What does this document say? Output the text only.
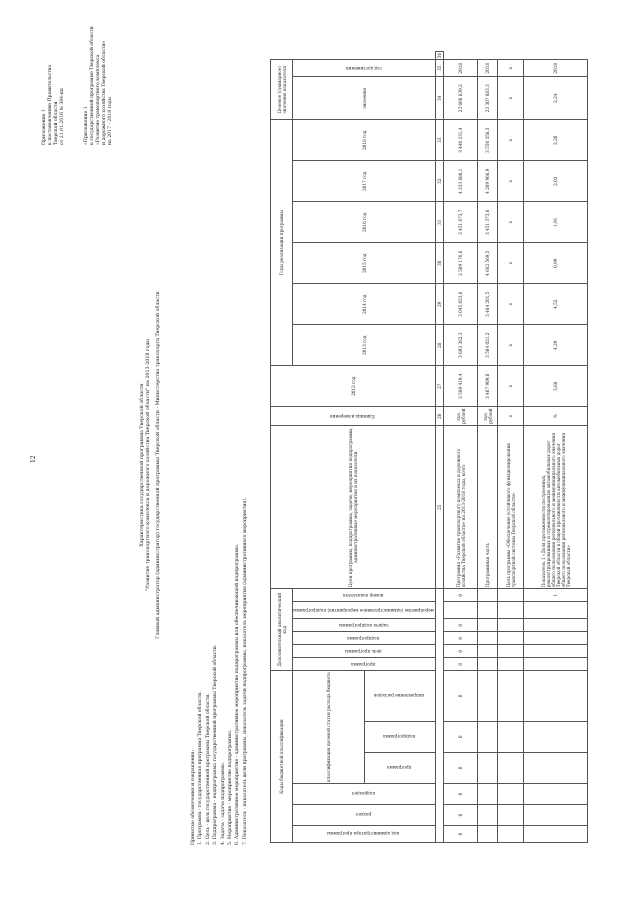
12
Приложение 1 к постановлению Правительства Тверской области от 21.01.2016 № 384-пп	«Приложение 1 к государственной программе Тверской области «Развитие транспортного комплекса и дорожного хозяйства Тверской области» на 2017 - 2018 годы
Характеристика государственной программы Тверской области "Развитие транспортного комплекса и дорожного хозяйства Тверской области" на 2013-2018 годы Главный администратор (администратор) государственной программы Тверской области - Министерство транспорта Тверской области
Принятые обозначения и сокращения: 1. Программа - государственная программа Тверской области. 2. Цель - цель государственной программы Тверской области. 3. Подпрограмма - подпрограмма государственной программы Тверской области. 4. Задача - задача подпрограммы. 5. Мероприятие - мероприятие подпрограммы. 6. Административное мероприятие - административное мероприятие подпрограммы или обеспечивающей подпрограммы. 7. Показатель - показатель цели программы, показатель задачи подпрограммы, показатель мероприятия (административного мероприятия).	Коды бюджетной классификации						Дополнительный аналитический код						Цели программы, подпрограммы, задачи, мероприятия подпрограммы, административные мероприятия и их показатели	Единица измерения	2012 год	Годы реализации программы						Целевое (суммарное) значение показателя		
код администратора программы	раздел	подраздел	классификация целевой статьи расхода бюджета			программа	цель программы	подпрограмма	задача подпрограммы	мероприятие (административное мероприятие) подпрограммы	номер показателя				2013 год	2014 год	2015 год	2016 год	2017 год	2018 год	значение	год достижения	
			программа	подпрограмма	направление расходов																		
												25	26	27	28	29	30	31	32	33	34	35	36
0	0	0	0	0	0	0	0	0	0		0	Программа «Развитие транспортного комплекса и дорожного хозяйства Тверской области» на 2013-2018 годы, всего	тыс. рублей	3 569 419,4	3 692 362,3	3 045 023,6	2 509 176,6	3 451 673,7	4 233 880,1	3 440 231,4	23 060 839,2	2018	
												Программная часть	тыс. рублей	3 467 909,8	3 504 021,2	3 464 201,5	4 662 569,5	3 451 373,6	4 209 966,9	3 550 358,3	23 307 683,3	2018	
												Цель программы «Обеспечение устойчивого функционирования транспортной системы Тверской области»	х	х	х	х	х	х	х	х	х	х	
											1	Показатель 1 «Доля протяженности построенных, реконструированных и отремонтированных автомобильных дорог общего пользования регионального и межмуниципального значения Тверской области в общей протяженности автомобильных дорог общего пользования регионального и межмуниципального значения Тверской области»	%	3,68	4,29	4,52	0,99	1,91	2,02	2,20	2,24	2018	
